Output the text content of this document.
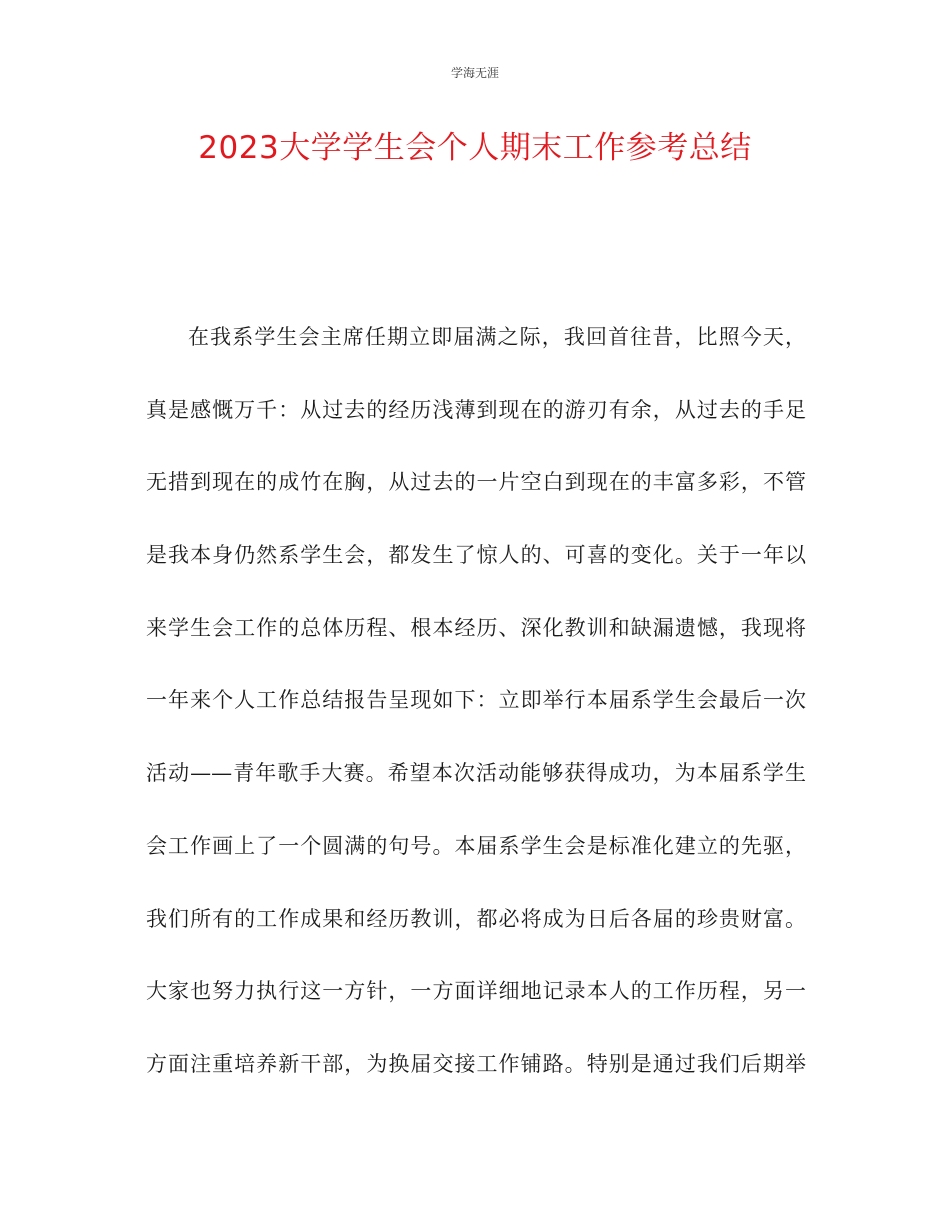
学海无涯
2023大学学生会个人期末工作参考总结
在我系学生会主席任期立即届满之际，我回首往昔，比照今天，
真是感慨万千：从过去的经历浅薄到现在的游刃有余，从过去的手足
无措到现在的成竹在胸，从过去的一片空白到现在的丰富多彩，不管
是我本身仍然系学生会，都发生了惊人的、可喜的变化。关于一年以
来学生会工作的总体历程、根本经历、深化教训和缺漏遗憾，我现将
一年来个人工作总结报告呈现如下：立即举行本届系学生会最后一次
活动——青年歌手大赛。希望本次活动能够获得成功，为本届系学生
会工作画上了一个圆满的句号。本届系学生会是标准化建立的先驱，
我们所有的工作成果和经历教训，都必将成为日后各届的珍贵财富。
大家也努力执行这一方针，一方面详细地记录本人的工作历程，另一
方面注重培养新干部，为换届交接工作铺路。特别是通过我们后期举
